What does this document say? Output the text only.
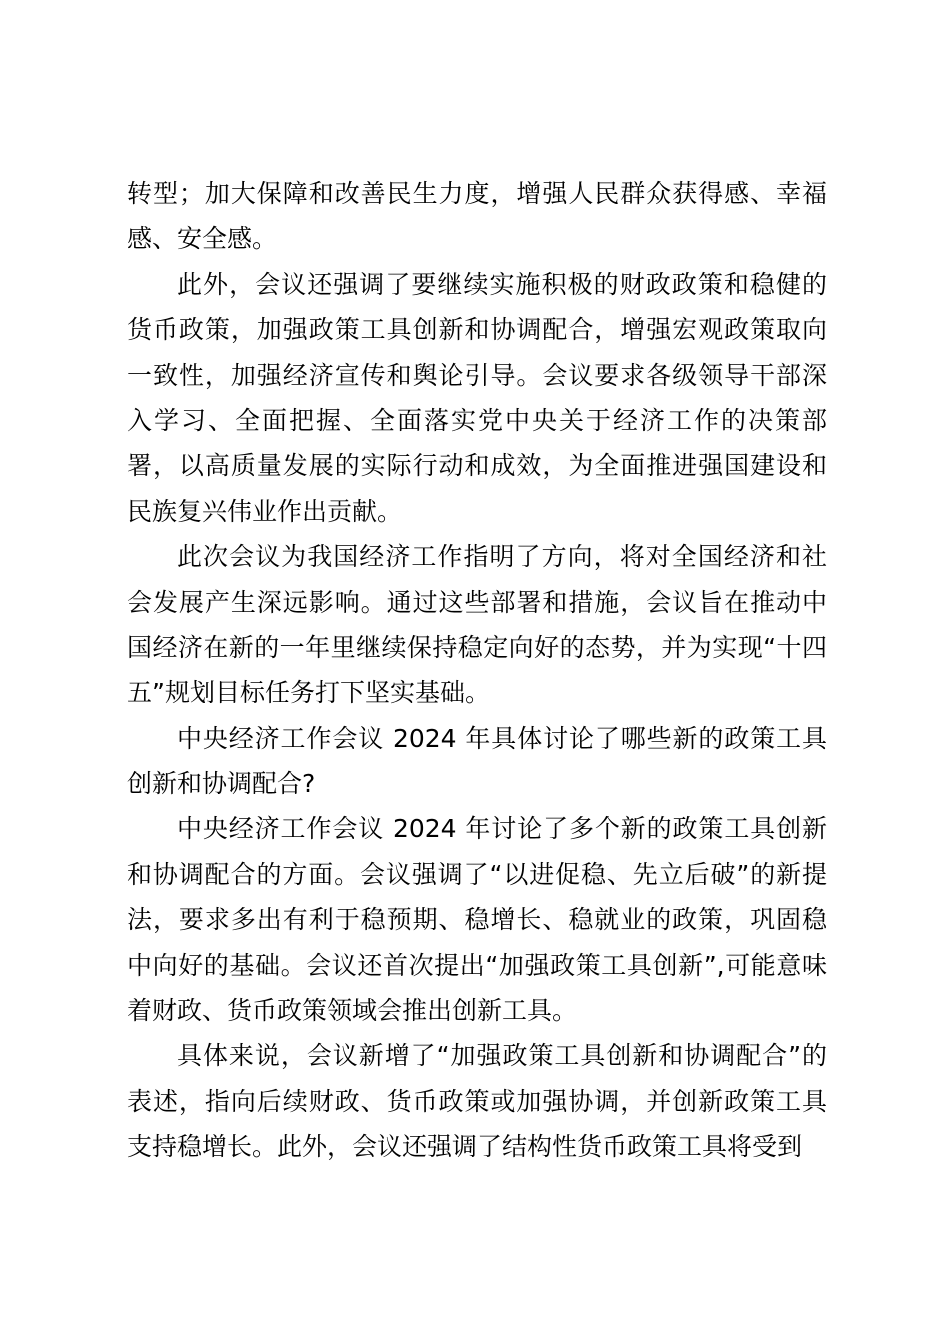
转型；加大保障和改善民生力度，增强人民群众获得感、幸福
感、安全感。
此外，会议还强调了要继续实施积极的财政政策和稳健的
货币政策，加强政策工具创新和协调配合，增强宏观政策取向
一致性，加强经济宣传和舆论引导。会议要求各级领导干部深
入学习、全面把握、全面落实党中央关于经济工作的决策部
署，以高质量发展的实际行动和成效，为全面推进强国建设和
民族复兴伟业作出贡献。
此次会议为我国经济工作指明了方向，将对全国经济和社
会发展产生深远影响。通过这些部署和措施，会议旨在推动中
国经济在新的一年里继续保持稳定向好的态势，并为实现“十四
五”规划目标任务打下坚实基础。
中央经济工作会议 2024 年具体讨论了哪些新的政策工具
创新和协调配合?
中央经济工作会议 2024 年讨论了多个新的政策工具创新
和协调配合的方面。会议强调了“以进促稳、先立后破”的新提
法，要求多出有利于稳预期、稳增长、稳就业的政策，巩固稳
中向好的基础。会议还首次提出“加强政策工具创新”,可能意味
着财政、货币政策领域会推出创新工具。
具体来说，会议新增了“加强政策工具创新和协调配合”的
表述，指向后续财政、货币政策或加强协调，并创新政策工具
支持稳增长。此外，会议还强调了结构性货币政策工具将受到
